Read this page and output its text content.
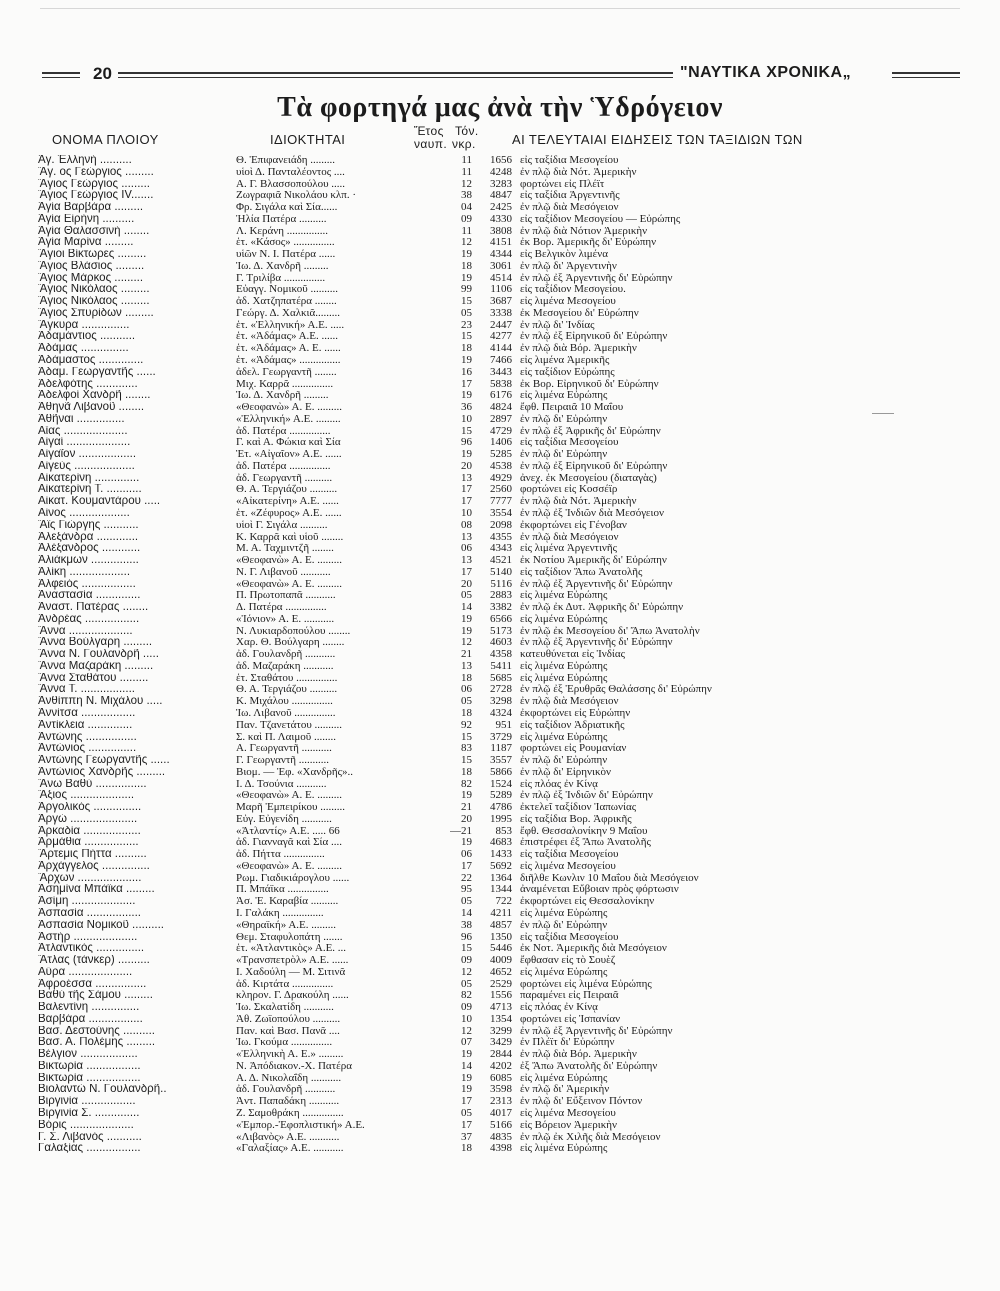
20	"ΝΑΥΤΙΚΑ ΧΡΟΝΙΚΑ„
Τὰ φορτηγά μας ἀνὰ τὴν Ὑδρόγειον
ΟΝΟΜΑ ΠΛΟΙΟΥ	ΙΔΙΟΚΤΗΤΑΙ
Ἔτος
ναυπ.
Τόν.
νκρ.	ΑΙ ΤΕΛΕΥΤΑΙΑΙ ΕΙΔΗΣΕΙΣ ΤΩΝ ΤΑΞΙΔΙΩΝ ΤΩΝ
Ἀγ. Ἑλληνὴ ..........	Θ. Ἐπιφανειάδη .........	11	1656 εἰς ταξίδια Μεσογείου
Ἅγ. ος Γεώργιος .........	υἱοὶ Δ. Πανταλέοντος ....	11	4248 ἐν πλῷ διὰ Νότ. Ἀμερικὴν
Ἅγιος Γεώργιος .........	Α. Γ. Βλασσοπούλου .....	12	3283 φορτώνει εἰς Πλέϊτ
Ἅγιος Γεώργιος IV.......	Ζωγραφιᾶ Νικολάου κλπ. ·	38	4847 εἰς ταξίδια Ἀργεντινῆς
Ἁγία Βαρβάρα .........	Φρ. Σιγάλα καὶ Σία......	04	2425 ἐν πλῷ διὰ Μεσόγειον
Ἁγία Εἰρήνη ..........	Ἠλία Πατέρα ..........	09	4330 εἰς ταξίδιον Μεσογείου — Εὐρώπης
Ἁγία Θαλασσινὴ ........	Λ. Κεράνη ...............	11	3808 ἐν πλῷ διὰ Νότιον Ἀμερικὴν
Ἁγία Μαρίνα .........	ἑτ. «Κάσος» ...............	12	4151 ἐκ Βορ. Ἀμερικῆς δι' Εὐρώπην
Ἅγιοι Βίκτωρες .........	υἱῶν Ν. Ι. Πατέρα ......	19	4344 εἰς Βελγικὸν λιμένα
Ἅγιος Βλάσιος .........	Ἰω. Δ. Χανδρῆ .........	18	3061 ἐν πλῷ δι' Ἀργεντινὴν
Ἅγιος Μάρκος .........	Γ. Τριλίβα ...............	19	4514 ἐν πλῷ ἐξ Ἀργεντινῆς δι' Εὐρώπην
Ἅγιος Νικόλαος .........	Εὐαγγ. Νομικοῦ ..........	99	1106 εἰς ταξίδιον Μεσογείου.
Ἅγιος Νικόλαος .........	ἀδ. Χατζηπατέρα ........	15	3687 εἰς λιμένα Μεσογείου
Ἅγιος Σπυρίδων .........	Γεώργ. Δ. Χαλκιᾶ.........	05	3338 ἐκ Μεσογείου δι' Εὐρώπην
Ἄγκυρα ...............	ἑτ. «Ἑλληνική» Α.Ε. .....	23	2447 ἐν πλῷ δι' Ἰνδίας
Ἀδαμάντιος ...........	ἑτ. «Ἀδάμας» Α.Ε. ......	15	4277 ἐν πλῷ ἐξ Εἰρηνικοῦ δι' Εὐρώπην
Ἀδάμας ...............	ἑτ. «Ἀδάμας» Α. Ε. ......	18	4144 ἐν πλῷ διὰ Βόρ. Ἀμερικὴν
Ἀδάμαστος ..............	ἑτ. «Ἀδάμας» ...............	19	7466 εἰς λιμένα Ἀμερικῆς
Ἀδαμ. Γεωργαντῆς ......	ἀδελ. Γεωργαντῆ ........	16	3443 εἰς ταξίδιον Εὐρώπης
Ἀδελφότης .............	Μιχ. Καρρᾶ ...............	17	5838 ἐκ Βορ. Εἰρηνικοῦ δι' Εὐρώπην
Ἀδελφοὶ Χανδρῆ ........	Ἰω. Δ. Χανδρῆ .........	19	6176 εἰς λιμένα Εὐρώπης
Ἀθηνᾶ Λιβανοῦ ........	«Θεοφανὼ» Α. Ε. .........	36	4824 ἔφθ. Πειραιᾶ 10 Μαΐου
Ἀθῆναι ...............	«Ἑλληνική» Α.Ε. .........	10	2897 ἐν πλῷ δι' Εὐρώπην
Αἴας ....................	ἀδ. Πατέρα ...............	15	4729 ἐν πλῷ ἐξ Ἀφρικῆς δι' Εὐρώπην
Αἰγαὶ ....................	Γ. καὶ Α. Φώκια καὶ Σία	96	1406 εἰς ταξίδια Μεσογείου
Αἰγαῖον ..................	Ἑτ. «Αἰγαῖον» Α.Ε. ......	19	5285 ἐν πλῷ δι' Εὐρώπην
Αἰγεὺς ...................	ἀδ. Πατέρα ...............	20	4538 ἐν πλῷ ἐξ Εἰρηνικοῦ δι' Εὐρώπην
Αἰκατερίνη ..............	ἀδ. Γεωργαντῆ ..........	13	4929 ἀνεχ. ἐκ Μεσογείου (διαταγὰς)
Αἰκατερίνη Τ. ...........	Θ. Α. Τεργιάζου ..........	17	2560 φορτώνει εἰς Κοσσέϊρ
Αἰκατ. Κουμαντάρου .....	«Αἰκατερίνη» Α.Ε. ......	17	7777 ἐν πλῷ διὰ Νότ. Ἀμερικὴν
Αἶνος ...................	ἑτ. «Ζέφυρος» Α.Ε. ......	10	3554 ἐν πλῷ ἐξ Ἰνδιῶν διὰ Μεσόγειον
Ἅϊς Γιώργης ...........	υἱοὶ Γ. Σιγάλα ..........	08	2098 ἐκφορτώνει εἰς Γένοβαν
Ἀλεξάνδρα .............	Κ. Καρρᾶ καὶ υἱοῦ ........	13	4355 ἐν πλῷ διὰ Μεσόγειον
Ἀλέξανδρος ............	Μ. Α. Ταχμιντζῆ ........	06	4343 εἰς λιμένα Ἀργεντινῆς
Ἀλιάκμων ...............	«Θεοφανὼ» Α. Ε. .........	13	4521 ἐκ Νοτίου Ἀμερικῆς δι' Εὐρώπην
Ἀλίκη ...................	Ν. Γ. Λιβανοῦ ...........	17	5140 εἰς ταξίδιον Ἄπω Ἀνατολῆς
Ἀλφειὸς .................	«Θεοφανὼ» Α. Ε. .........	20	5116 ἐν πλῷ ἐξ Ἀργεντινῆς δι' Εὐρώπην
Ἀναστασία ..............	Π. Πρωτοπαπᾶ ...........	05	2883 εἰς λιμένα Εὐρώπης
Ἀναστ. Πατέρας ........	Δ. Πατέρα ...............	14	3382 ἐν πλῷ ἐκ Δυτ. Ἀφρικῆς δι' Εὐρώπην
Ἀνδρέας .................	«Ἰόνιον» Α. Ε. ...........	19	6566 εἰς λιμένα Εὐρώπης
Ἄννα ....................	Ν. Λυκιαρδοπούλου ........	19	5173 ἐν πλῷ ἐκ Μεσογείου δι' Ἄπω Ἀνατολὴν
Ἄννα Βούλγαρη .........	Χαρ. Θ. Βούλγαρη ........	12	4603 ἐν πλῷ ἐξ Ἀργεντινῆς δι' Εὐρώπην
Ἄννα Ν. Γουλανδρῆ .....	ἀδ. Γουλανδρῆ ...........	21	4358 κατευθύνεται εἰς Ἰνδίας
Ἄννα Μαζαράκη .........	ἀδ. Μαζαράκη ...........	13	5411 εἰς λιμένα Εὐρώπης
Ἄννα Σταθάτου .........	ἑτ. Σταθάτου ...............	18	5685 εἰς λιμένα Εὐρώπης
Ἄννα Τ. .................	Θ. Α. Τεργιάζου ..........	06	2728 ἐν πλῷ ἐξ Ἐρυθρᾶς Θαλάσσης δι' Εὐρώπην
Ἀνθίππη Ν. Μιχάλου .....	Κ. Μιχάλου ...............	05	3298 ἐν πλῷ διὰ Μεσόγειον
Ἀννίτσα .................	Ἰω. Λιβανοῦ ...............	18	4324 ἐκφορτώνει εἰς Εὐρώπην
Ἀντίκλεια ..............	Παν. Τζανετάτου ..........	92	951 εἰς ταξίδιον Ἀδριατικῆς
Ἀντώνης ................	Σ. καὶ Π. Λαιμοῦ ........	15	3729 εἰς λιμένα Εὐρώπης
Ἀντώνιος ...............	Α. Γεωργαντῆ ...........	83	1187 φορτώνει εἰς Ρουμανίαν
Ἀντώνης Γεωργαντῆς ......	Γ. Γεωργαντῆ ...........	15	3557 ἐν πλῷ δι' Εὐρώπην
Ἀντώνιος Χανδρῆς .........	Βιομ. — Ἐφ. «Χανδρῆς»..	18	5866 ἐν πλῷ δι' Εἰρηνικὸν
Ἄνω Βαθὺ ................	Ι. Δ. Τσούνια ...........	82	1524 εἰς πλόας ἐν Κίνᾳ
Ἄξιος ....................	«Θεοφανὼ» Α. Ε. .........	19	5289 ἐν πλῷ ἐξ Ἰνδιῶν δι' Εὐρώπην
Ἀργολικὸς ...............	Μαρῆ Ἐμπειρίκου .........	21	4786 ἐκτελεῖ ταξίδιον Ἰαπωνίας
Ἀργὼ .....................	Εὐγ. Εὐγενίδη ...........	20	1995 εἰς ταξίδια Βορ. Ἀφρικῆς
Ἀρκαδία ..................	«Ἀτλαντίς» Α.Ε. ..... 66	—21	853 ἔφθ. Θεσσαλονίκην 9 Μαΐου
Ἁρμάθια .................	ἀδ. Γιανναγᾶ καὶ Σία ....	19	4683 ἐπιστρέφει ἐξ Ἄπω Ἀνατολῆς
Ἄρτεμις Πήττα ..........	ἀδ. Πήττα ...............	06	1433 εἰς ταξίδια Μεσογείου
Ἀρχάγγελος ...............	«Θεοφανὼ» Α. Ε. .........	17	5692 εἰς λιμένα Μεσογείου
Ἄρχων ....................	Ρωμ. Γιαδικιάρογλου ......	22	1364 διῆλθε Κωνλιν 10 Μαΐου διὰ Μεσόγειον
Ἀσημίνα Μπάϊκα .........	Π. Μπάϊκα ...............	95	1344 ἀναμένεται Εὔβοιαν πρὸς φόρτωσιν
Ἀσίμη ....................	Ἀσ. Ἐ. Καραβία ..........	05	722 ἐκφορτώνει εἰς Θεσσαλονίκην
Ἀσπασία .................	Ι. Γαλάκη ...............	14	4211 εἰς λιμένα Εὐρώπης
Ἀσπασία Νομικοῦ ..........	«Θηραϊκή» Α.Ε. .........	38	4857 ἐν πλῷ δι' Εὐρώπην
Ἀστὴρ ....................	Θεμ. Σταφυλοπάτη .......	96	1350 εἰς ταξίδια Μεσογείου
Ἀτλαντικὸς ...............	ἑτ. «Ἀτλαντικὸς» Α.Ε. ...	15	5446 ἐκ Νοτ. Ἀμερικῆς διὰ Μεσόγειον
Ἄτλας (τάνκερ) ..........	«Τρανσπετρὸλ» Α.Ε. ......	09	4009 ἔφθασαν εἰς τὸ Σουὲζ
Αὔρα ....................	Ι. Χαδούλη — Μ. Σιτινᾶ	12	4652 εἰς λιμένα Εὐρώπης
Ἀφροέσσα ................	ἀδ. Κιρτάτα ...............	05	2529 φορτώνει εἰς λιμένα Εὐρώπης
Βαθὺ τῆς Σάμου .........	κληρον. Γ. Δρακούλη ......	82	1556 παραμένει εἰς Πειραιᾶ
Βαλεντίνη ...............	Ἰω. Σκαλατίδη ...........	09	4713 εἰς πλόας ἐν Κίνᾳ
Βαρβάρα .................	Ἀθ. Ζωϊοπούλου ..........	10	1354 φορτώνει εἰς Ἰσπανίαν
Βασ. Δεστούνης ..........	Παν. καὶ Βασ. Πανᾶ ....	12	3299 ἐν πλῷ ἐξ Ἀργεντινῆς δι' Εὐρώπην
Βασ. Α. Πολέμης .........	Ἰω. Γκούμα ...............	07	3429 ἐν Πλέϊτ δι' Εὐρώπην
Βέλγιον ..................	«Ἑλληνικὴ Α. Ε.» .........	19	2844 ἐν πλῷ διὰ Βόρ. Ἀμερικὴν
Βικτωρία .................	Ν. Ἀπόδιακον.-Χ. Πατέρα	14	4202 ἐξ Ἄπω Ἀνατολῆς δι' Εὐρώπην
Βικτωρία .................	Α. Δ. Νικολαΐδη ...........	19	6085 εἰς λιμένα Εὐρώπης
Βιολαντὼ Ν. Γουλανδρῆ..	ἀδ. Γουλανδρῆ ...........	19	3598 ἐν πλῷ δι' Ἀμερικὴν
Βιργινία .................	Ἀντ. Παπαδάκη ...........	17	2313 ἐν πλῷ δι' Εὔξεινον Πόντον
Βιργινία Σ. ..............	Ζ. Σαμοθράκη ...............	05	4017 εἰς λιμένα Μεσογείου
Βόρις ....................	«Ἐμπορ.-Ἐφοπλιστική» Α.Ε.	17	5166 εἰς Βόρειον Ἀμερικὴν
Γ. Σ. Λιβανὸς ...........	«Λιβανὸς» Α.Ε. ...........	37	4835 ἐν πλῷ ἐκ Χιλῆς διὰ Μεσόγειον
Γαλαξίας .................	«Γαλαξίας» Α.Ε. ...........	18	4398 εἰς λιμένα Εὐρώπης
